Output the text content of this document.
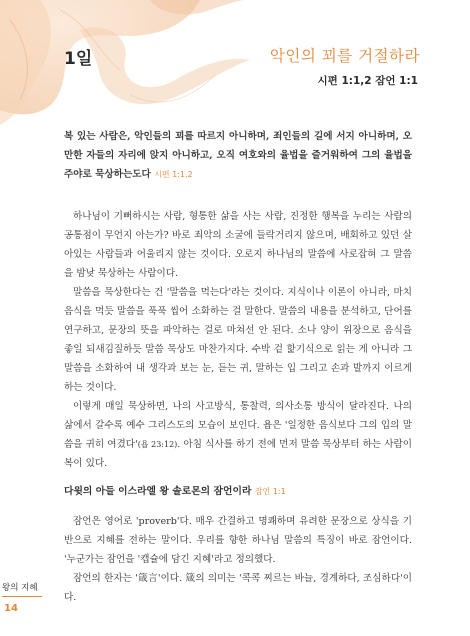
1일	악인의 꾀를 거절하라
시편 1:1,2 잠언 1:1
복 있는 사람은, 악인들의 꾀를 따르지 아니하며, 죄인들의 길에 서지 아니하며, 오만한 자들의 자리에 앉지 아니하고, 오직 여호와의 율법을 즐거워하여 그의 율법을 주야로 묵상하는도다 시편 1:1,2

하나님이 기뻐하시는 사람, 형통한 삶을 사는 사람, 진정한 행복을 누리는 사람의 공통점이 무언지 아는가? 바로 죄악의 소굴에 들락거리지 않으며, 배회하고 있던 살아있는 사람들과 어울리지 않는 것이다. 오로지 하나님의 말씀에 사로잡혀 그 말씀을 밤낮 묵상하는 사람이다.

말씀을 묵상한다는 건 '말씀을 먹는다'라는 것이다. 지식이나 이론이 아니라, 마치 음식을 먹듯 말씀을 푹푹 씹어 소화하는 걸 말한다. 말씀의 내용을 분석하고, 단어를 연구하고, 문장의 뜻을 파악하는 걸로 마쳐선 안 된다. 소나 양이 위장으로 음식을 좋일 되새김질하듯 말씀 묵상도 마찬가지다. 수박 겉 핥기식으로 읽는 게 아니라 그 말씀을 소화하여 내 생각과 보는 눈, 듣는 귀, 말하는 입 그리고 손과 발까지 이르게 하는 것이다.

이렇게 매일 묵상하면, 나의 사고방식, 통찰력, 의사소통 방식이 달라진다. 나의 삶에서 갈수록 예수 그리스도의 모습이 보인다. 욥은 '일정한 음식보다 그의 입의 말씀을 귀히 여겼다'(욥 23:12). 아침 식사를 하기 전에 먼저 말씀 묵상부터 하는 사람이 복이 있다.

다윗의 아들 이스라엘 왕 솔로몬의 잠언이라 잠언 1:1

잠언은 영어로 'proverb'다. 매우 간결하고 명쾌하며 유려한 문장으로 상식을 기반으로 지혜를 전하는 말이다. 우리를 향한 하나님 말씀의 특징이 바로 잠언이다. '누군가는 잠언을 '캡슐에 담긴 지혜'라고 정의했다.

잠언의 한자는 '箴言'이다. 箴의 의미는 '콕콕 찌르는 바늘, 경계하다, 조심하다'이다.

왕의 지혜
14
